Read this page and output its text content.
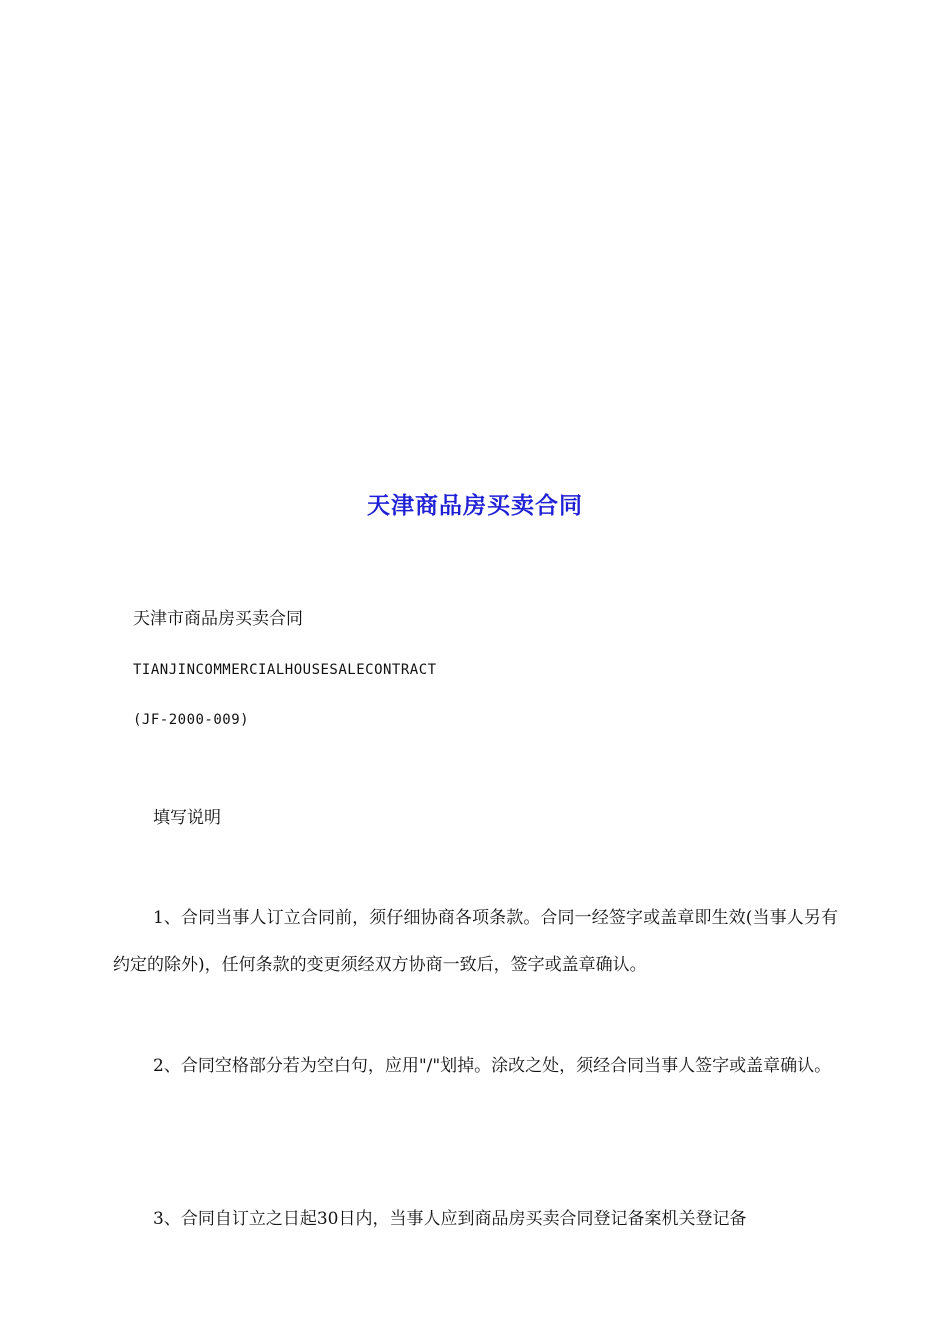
天津商品房买卖合同
天津市商品房买卖合同
TIANJINCOMMERCIALHOUSESALECONTRACT
(JF-2000-009)
填写说明
1、合同当事人订立合同前，须仔细协商各项条款。合同一经签字或盖章即生效(当事人另有约定的除外)，任何条款的变更须经双方协商一致后，签字或盖章确认。
2、合同空格部分若为空白句，应用"/"划掉。涂改之处，须经合同当事人签字或盖章确认。
3、合同自订立之日起30日内，当事人应到商品房买卖合同登记备案机关登记备
